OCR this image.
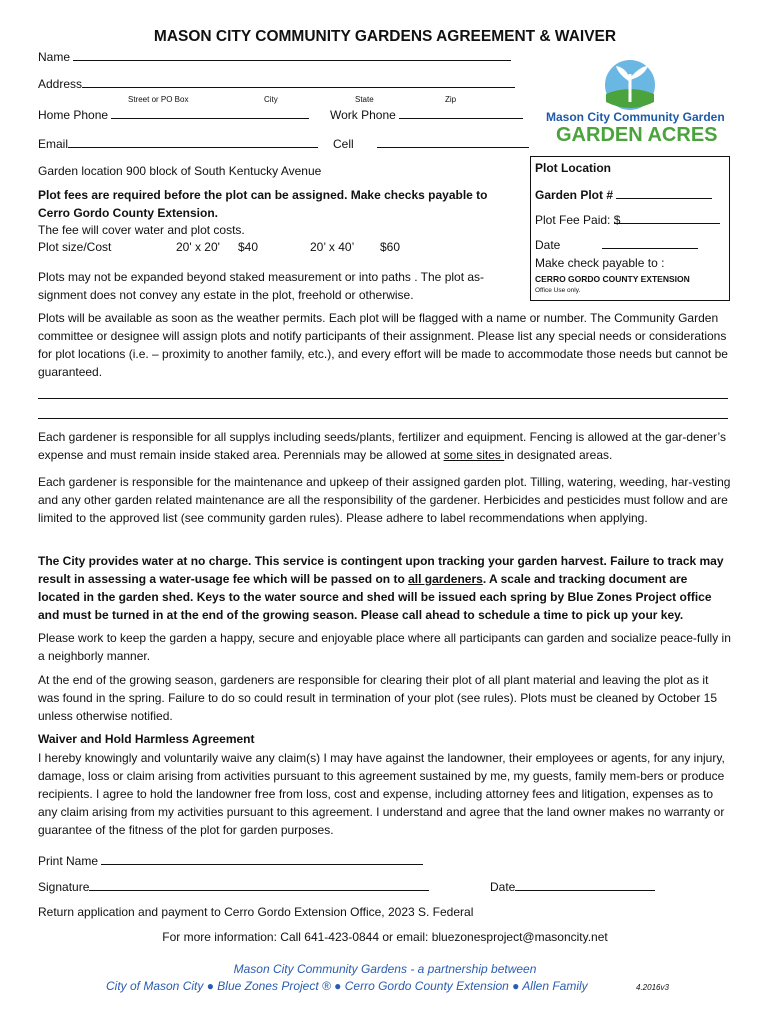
MASON CITY COMMUNITY GARDENS AGREEMENT & WAIVER
Name
Address
Street or PO Box	City	State	Zip
Home Phone	Work Phone
Email	Cell
Mason City Community Garden
GARDEN ACRES
Garden location 900 block of South Kentucky Avenue	Plot Location
Garden Plot #
Plot Fee Paid: $
Date
Make check payable to :
CERRO GORDO COUNTY EXTENSION
Office Use only.
Plot fees are required before the plot can be assigned. Make checks payable to
Cerro Gordo County Extension.
The fee will cover water and plot costs.
Plot size/Cost	20' x 20' $40	20’ x 40’ $60
Plots may not be expanded beyond staked measurement or into paths . The plot as-signment does not convey any estate in the plot, freehold or otherwise.
Plots will be available as soon as the weather permits. Each plot will be flagged with a name or number. The Community Garden committee or designee will assign plots and notify participants of their assignment. Please list any special needs or considerations for plot locations (i.e. – proximity to another family, etc.), and every effort will be made to accommodate those needs but cannot be guaranteed.
Each gardener is responsible for all supplys including seeds/plants, fertilizer and equipment. Fencing is allowed at the gar-dener’s expense and must remain inside staked area. Perennials may be allowed at some sites in designated areas.
Each gardener is responsible for the maintenance and upkeep of their assigned garden plot. Tilling, watering, weeding, har-vesting and any other garden related maintenance are all the responsibility of the gardener. Herbicides and pesticides must follow and are limited to the approved list (see community garden rules). Please adhere to label recommendations when applying.
The City provides water at no charge. This service is contingent upon tracking your garden harvest. Failure to track may result in assessing a water-usage fee which will be passed on to all gardeners. A scale and tracking document are located in the garden shed. Keys to the water source and shed will be issued each spring by Blue Zones Project office and must be turned in at the end of the growing season. Please call ahead to schedule a time to pick up your key.
Please work to keep the garden a happy, secure and enjoyable place where all participants can garden and socialize peace-fully in a neighborly manner.
At the end of the growing season, gardeners are responsible for clearing their plot of all plant material and leaving the plot as it was found in the spring. Failure to do so could result in termination of your plot (see rules). Plots must be cleaned by October 15 unless otherwise notified.
Waiver and Hold Harmless Agreement
I hereby knowingly and voluntarily waive any claim(s) I may have against the landowner, their employees or agents, for any injury, damage, loss or claim arising from activities pursuant to this agreement sustained by me, my guests, family mem-bers or produce recipients. I agree to hold the landowner free from loss, cost and expense, including attorney fees and litigation, expenses as to any claim arising from my activities pursuant to this agreement. I understand and agree that the land owner makes no warranty or guarantee of the fitness of the plot for garden purposes.
Print Name
Signature	Date
Return application and payment to Cerro Gordo Extension Office, 2023 S. Federal
For more information: Call 641-423-0844 or email: bluezonesproject@masoncity.net
Mason City Community Gardens - a partnership between
City of Mason City ● Blue Zones Project ® ● Cerro Gordo County Extension ● Allen Family	4.2016v3
